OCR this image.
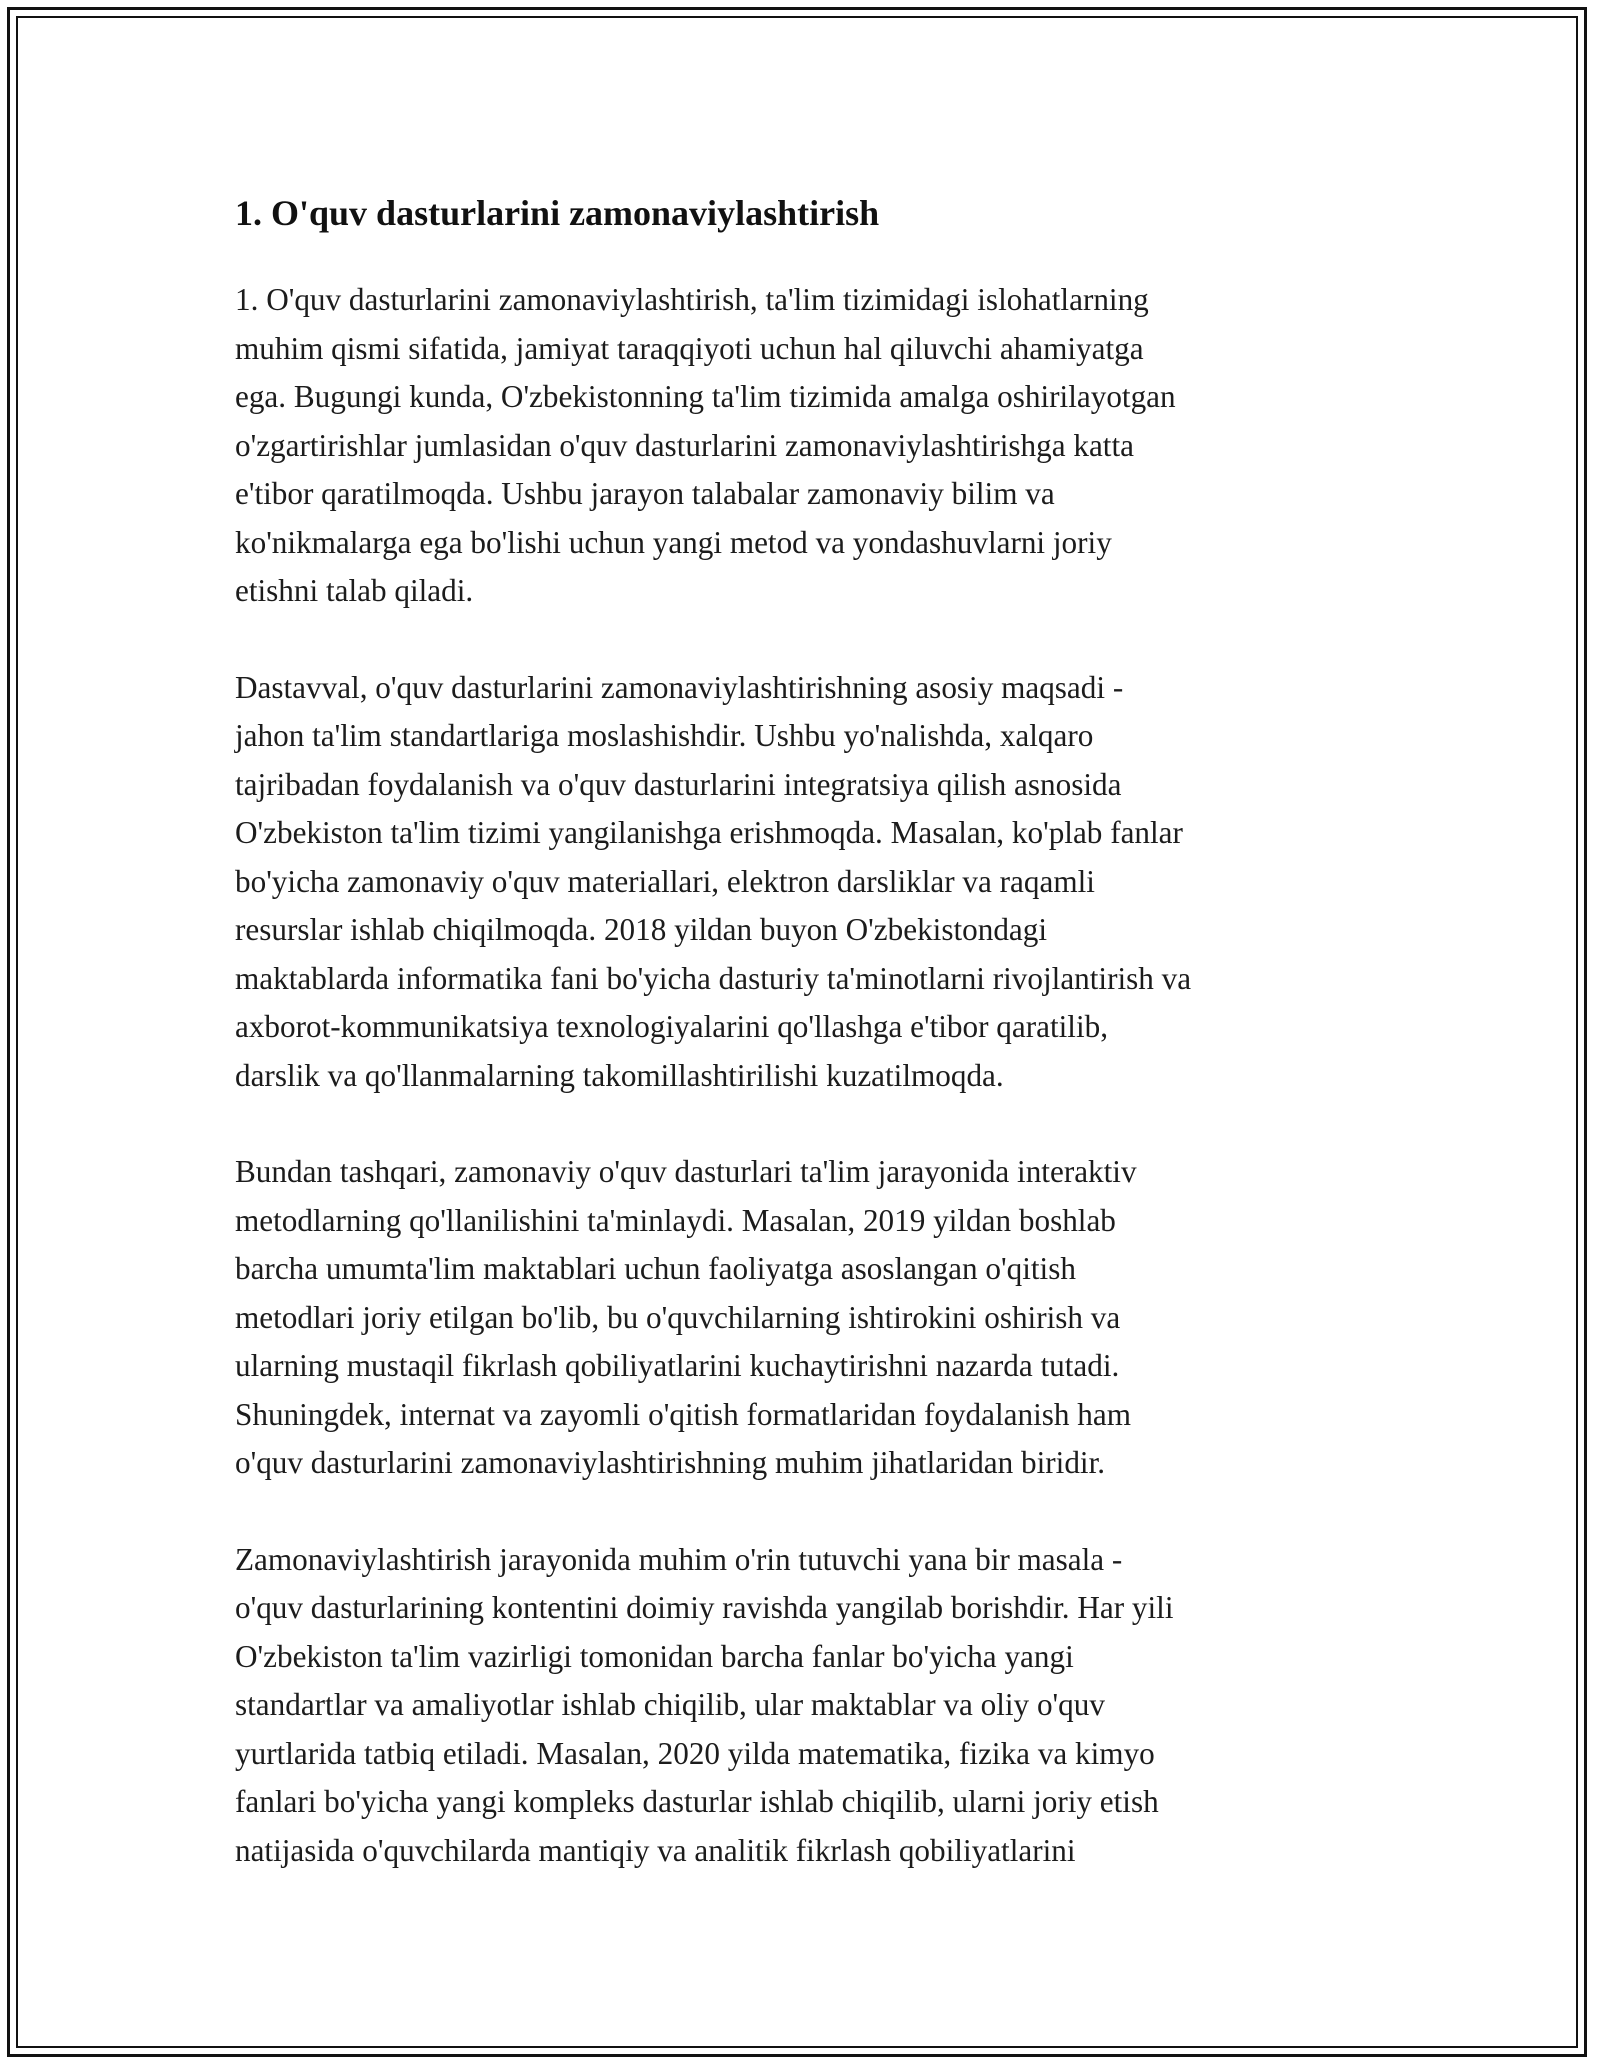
1. O'quv dasturlarini zamonaviylashtirish

1. O'quv dasturlarini zamonaviylashtirish, ta'lim tizimidagi islohatlarning
muhim qismi sifatida, jamiyat taraqqiyoti uchun hal qiluvchi ahamiyatga
ega. Bugungi kunda, O'zbekistonning ta'lim tizimida amalga oshirilayotgan
o'zgartirishlar jumlasidan o'quv dasturlarini zamonaviylashtirishga katta
e'tibor qaratilmoqda. Ushbu jarayon talabalar zamonaviy bilim va
ko'nikmalarga ega bo'lishi uchun yangi metod va yondashuvlarni joriy
etishni talab qiladi.

Dastavval, o'quv dasturlarini zamonaviylashtirishning asosiy maqsadi -
jahon ta'lim standartlariga moslashishdir. Ushbu yo'nalishda, xalqaro
tajribadan foydalanish va o'quv dasturlarini integratsiya qilish asnosida
O'zbekiston ta'lim tizimi yangilanishga erishmoqda. Masalan, ko'plab fanlar
bo'yicha zamonaviy o'quv materiallari, elektron darsliklar va raqamli
resurslar ishlab chiqilmoqda. 2018 yildan buyon O'zbekistondagi
maktablarda informatika fani bo'yicha dasturiy ta'minotlarni rivojlantirish va
axborot-kommunikatsiya texnologiyalarini qo'llashga e'tibor qaratilib,
darslik va qo'llanmalarning takomillashtirilishi kuzatilmoqda.

Bundan tashqari, zamonaviy o'quv dasturlari ta'lim jarayonida interaktiv
metodlarning qo'llanilishini ta'minlaydi. Masalan, 2019 yildan boshlab
barcha umumta'lim maktablari uchun faoliyatga asoslangan o'qitish
metodlari joriy etilgan bo'lib, bu o'quvchilarning ishtirokini oshirish va
ularning mustaqil fikrlash qobiliyatlarini kuchaytirishni nazarda tutadi.
Shuningdek, internat va zayomli o'qitish formatlaridan foydalanish ham
o'quv dasturlarini zamonaviylashtirishning muhim jihatlaridan biridir.

Zamonaviylashtirish jarayonida muhim o'rin tutuvchi yana bir masala -
o'quv dasturlarining kontentini doimiy ravishda yangilab borishdir. Har yili
O'zbekiston ta'lim vazirligi tomonidan barcha fanlar bo'yicha yangi
standartlar va amaliyotlar ishlab chiqilib, ular maktablar va oliy o'quv
yurtlarida tatbiq etiladi. Masalan, 2020 yilda matematika, fizika va kimyo
fanlari bo'yicha yangi kompleks dasturlar ishlab chiqilib, ularni joriy etish
natijasida o'quvchilarda mantiqiy va analitik fikrlash qobiliyatlarini
